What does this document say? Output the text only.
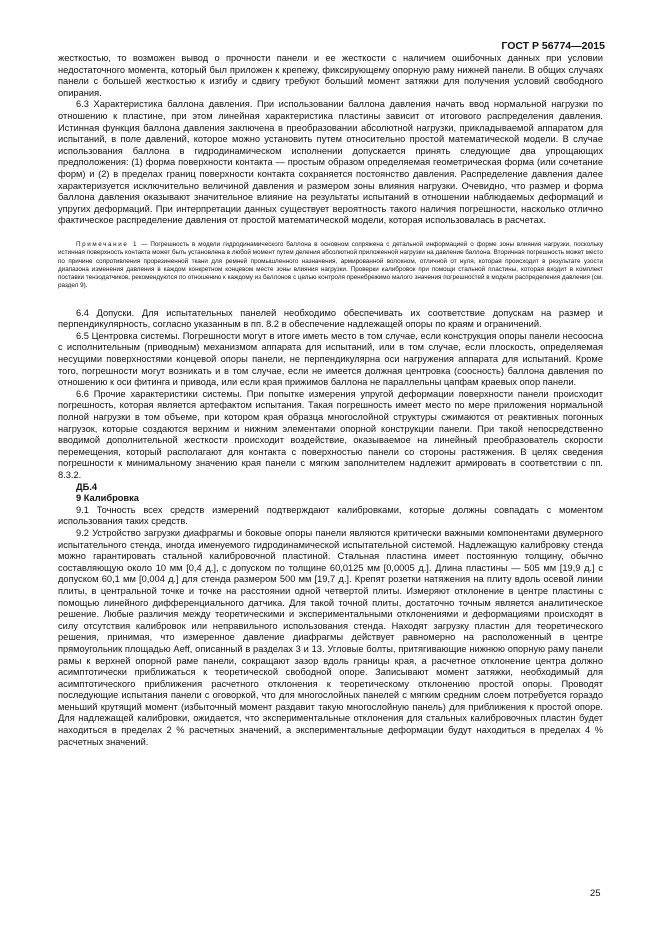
ГОСТ Р 56774—2015

жесткостью, то возможен вывод о прочности панели и ее жесткости с наличием ошибочных данных при условии недостаточного момента, который был приложен к крепежу, фиксирующему опорную раму нижней панели. В общих случаях панели с большей жесткостью к изгибу и сдвигу требуют больший момент затяжки для получения условий свободного опирания.

6.3 Характеристика баллона давления. При использовании баллона давления начать ввод нормальной нагрузки по отношению к пластине, при этом линейная характеристика пластины зависит от итогового распределения давления. Истинная функция баллона давления заключена в преобразовании абсолютной нагрузки, прикладываемой аппаратом для испытаний, в поле давлений, которое можно установить путем относительно простой математической модели. В случае использования баллона в гидродинамическом исполнении допускается принять следующие два упрощающих предположения: (1) форма поверхности контакта — простым образом определяемая геометрическая форма (или сочетание форм) и (2) в пределах границ поверхности контакта сохраняется постоянство давления. Распределение давления далее характеризуется исключительно величиной давления и размером зоны влияния нагрузки. Очевидно, что размер и форма баллона давления оказывают значительное влияние на результаты испытаний в отношении наблюдаемых деформаций и упругих деформаций. При интерпретации данных существует вероятность такого наличия погрешности, насколько отлично фактическое распределение давления от простой математической модели, которая использовалась в расчетах.

Примечание 1 — Погрешность в модели гидродинамического баллона в основном сопряжена с детальной информацией о форме зоны влияния нагрузки, поскольку истинная поверхность контакта может быть установлена в любой момент путем деления абсолютной приложенной нагрузки на давление баллона. Вторичная погрешность может место по причине сопротивления прорезиненной ткани для ремней промышленного назначения, армированной волокном, отличной от нуля, которая происходит в результате узости диапазона изменения давления в каждом конкретном концевом месте зоны влияния нагрузки. Проверки калибровок при помощи стальной пластины, которая входит в комплект поставки тензодатчиков, рекомендуются по отношению к каждому из баллонов с целью контроля пренебрежимо малого значения погрешностей в модели распределения давления (см. раздел 9).

6.4 Допуски. Для испытательных панелей необходимо обеспечивать их соответствие допускам на размер и перпендикулярность, согласно указанным в пп. 8.2 в обеспечение надлежащей опоры по краям и ограничений.

6.5 Центровка системы. Погрешности могут в итоге иметь место в том случае, если конструкция опоры панели несоосна с исполнительным (приводным) механизмом аппарата для испытаний, или в том случае, если плоскость, определяемая несущими поверхностями концевой опоры панели, не перпендикулярна оси нагружения аппарата для испытаний. Кроме того, погрешности могут возникать и в том случае, если не имеется должная центровка (соосность) баллона давления по отношению к оси фитинга и привода, или если края прижимов баллона не параллельны цапфам краевых опор панели.

6.6 Прочие характеристики системы. При попытке измерения упругой деформации поверхности панели происходит погрешность, которая является артефактом испытания. Такая погрешность имеет место по мере приложения нормальной полной нагрузки в том объеме, при котором края образца многослойной структуры сжимаются от реактивных погонных нагрузок, которые создаются верхним и нижним элементами опорной конструкции панели. При такой непосредственно вводимой дополнительной жесткости происходит воздействие, оказываемое на линейный преобразователь скорости перемещения, который располагают для контакта с поверхностью панели со стороны растяжения. В целях сведения погрешности к минимальному значению края панели с мягким заполнителем надлежит армировать в соответствии с пп. 8.3.2.

ДБ.4

9 Калибровка

9.1 Точность всех средств измерений подтверждают калибровками, которые должны совпадать с моментом использования таких средств.

9.2 Устройство загрузки диафрагмы и боковые опоры панели являются критически важными компонентами двумерного испытательного стенда, иногда именуемого гидродинамической испытательной системой. Надлежащую калибровку стенда можно гарантировать стальной калибровочной пластиной. Стальная пластина имеет постоянную толщину, обычно составляющую около 10 мм [0,4 д.], с допуском по толщине 60,0125 мм [0,0005 д.]. Длина пластины — 505 мм [19,9 д.] с допуском 60,1 мм [0,004 д.] для стенда размером 500 мм [19,7 д.]. Крепят розетки натяжения на плиту вдоль осевой линии плиты, в центральной точке и точке на расстоянии одной четвертой плиты. Измеряют отклонение в центре пластины с помощью линейного дифференциального датчика. Для такой точной плиты, достаточно точным является аналитическое решение. Любые различия между теоретическими и экспериментальными отклонениями и деформациями происходят в силу отсутствия калибровок или неправильного использования стенда. Находят загрузку пластин для теоретического решения, принимая, что измеренное давление диафрагмы действует равномерно на расположенный в центре прямоугольник площадью Aeff, описанный в разделах 3 и 13. Угловые болты, притягивающие нижнюю опорную раму панели рамы к верхней опорной раме панели, сокращают зазор вдоль границы края, а расчетное отклонение центра должно асимптотически приближаться к теоретической свободной опоре. Записывают момент затяжки, необходимый для асимптотического приближения расчетного отклонения к теоретическому отклонению простой опоры. Проводят последующие испытания панели с оговоркой, что для многослойных панелей с мягким средним слоем потребуется гораздо меньший крутящий момент (избыточный момент раздавит такую многослойную панель) для приближения к простой опоре. Для надлежащей калибровки, ожидается, что экспериментальные отклонения для стальных калибровочных пластин будет находиться в пределах 2 % расчетных значений, а экспериментальные деформации будут находиться в пределах 4 % расчетных значений.

25
